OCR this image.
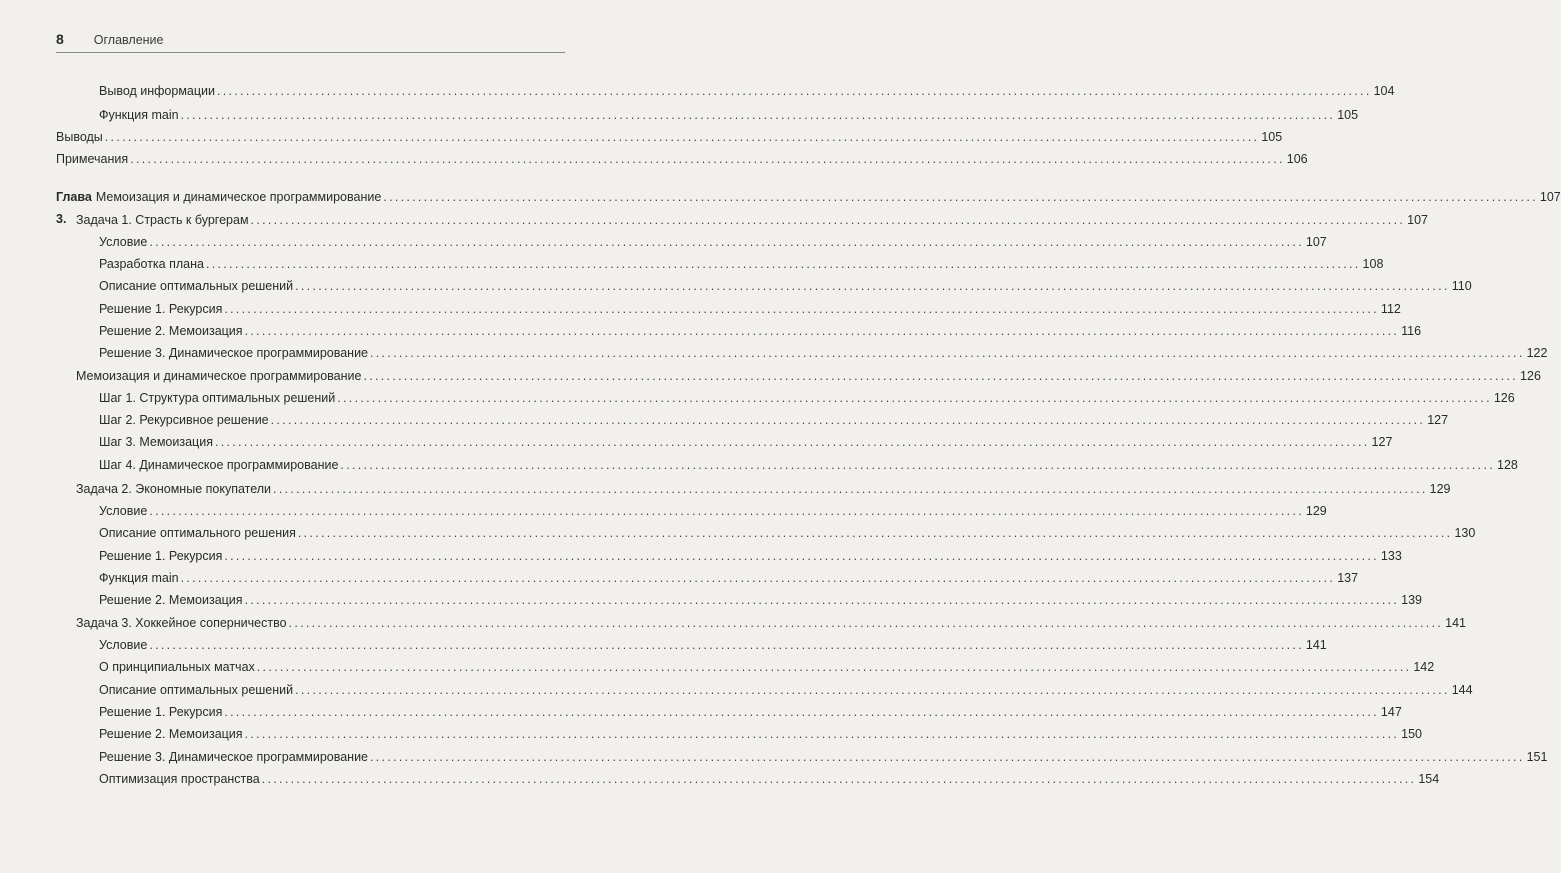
8 Оглавление
Вывод информации ........................................................................................................................................................................................................ 104
Функция main ........................................................................................................................................................................................................ 105
Выводы ........................................................................................................................................................................................................ 105
Примечания ........................................................................................................................................................................................................ 106
Глава 3.
Мемоизация и динамическое программирование ........................................................................................................................................................................................................ 107
Задача 1. Страсть к бургерам ........................................................................................................................................................................................................ 107
Условие ........................................................................................................................................................................................................ 107
Разработка плана ........................................................................................................................................................................................................ 108
Описание оптимальных решений ........................................................................................................................................................................................................ 110
Решение 1. Рекурсия ........................................................................................................................................................................................................ 112
Решение 2. Мемоизация ........................................................................................................................................................................................................ 116
Решение 3. Динамическое программирование ........................................................................................................................................................................................................ 122
Мемоизация и динамическое программирование ........................................................................................................................................................................................................ 126
Шаг 1. Структура оптимальных решений ........................................................................................................................................................................................................ 126
Шаг 2. Рекурсивное решение ........................................................................................................................................................................................................ 127
Шаг 3. Мемоизация ........................................................................................................................................................................................................ 127
Шаг 4. Динамическое программирование ........................................................................................................................................................................................................ 128
Задача 2. Экономные покупатели ........................................................................................................................................................................................................ 129
Условие ........................................................................................................................................................................................................ 129
Описание оптимального решения ........................................................................................................................................................................................................ 130
Решение 1. Рекурсия ........................................................................................................................................................................................................ 133
Функция main ........................................................................................................................................................................................................ 137
Решение 2. Мемоизация ........................................................................................................................................................................................................ 139
Задача 3. Хоккейное соперничество ........................................................................................................................................................................................................ 141
Условие ........................................................................................................................................................................................................ 141
О принципиальных матчах ........................................................................................................................................................................................................ 142
Описание оптимальных решений ........................................................................................................................................................................................................ 144
Решение 1. Рекурсия ........................................................................................................................................................................................................ 147
Решение 2. Мемоизация ........................................................................................................................................................................................................ 150
Решение 3. Динамическое программирование ........................................................................................................................................................................................................ 151
Оптимизация пространства ........................................................................................................................................................................................................ 154
